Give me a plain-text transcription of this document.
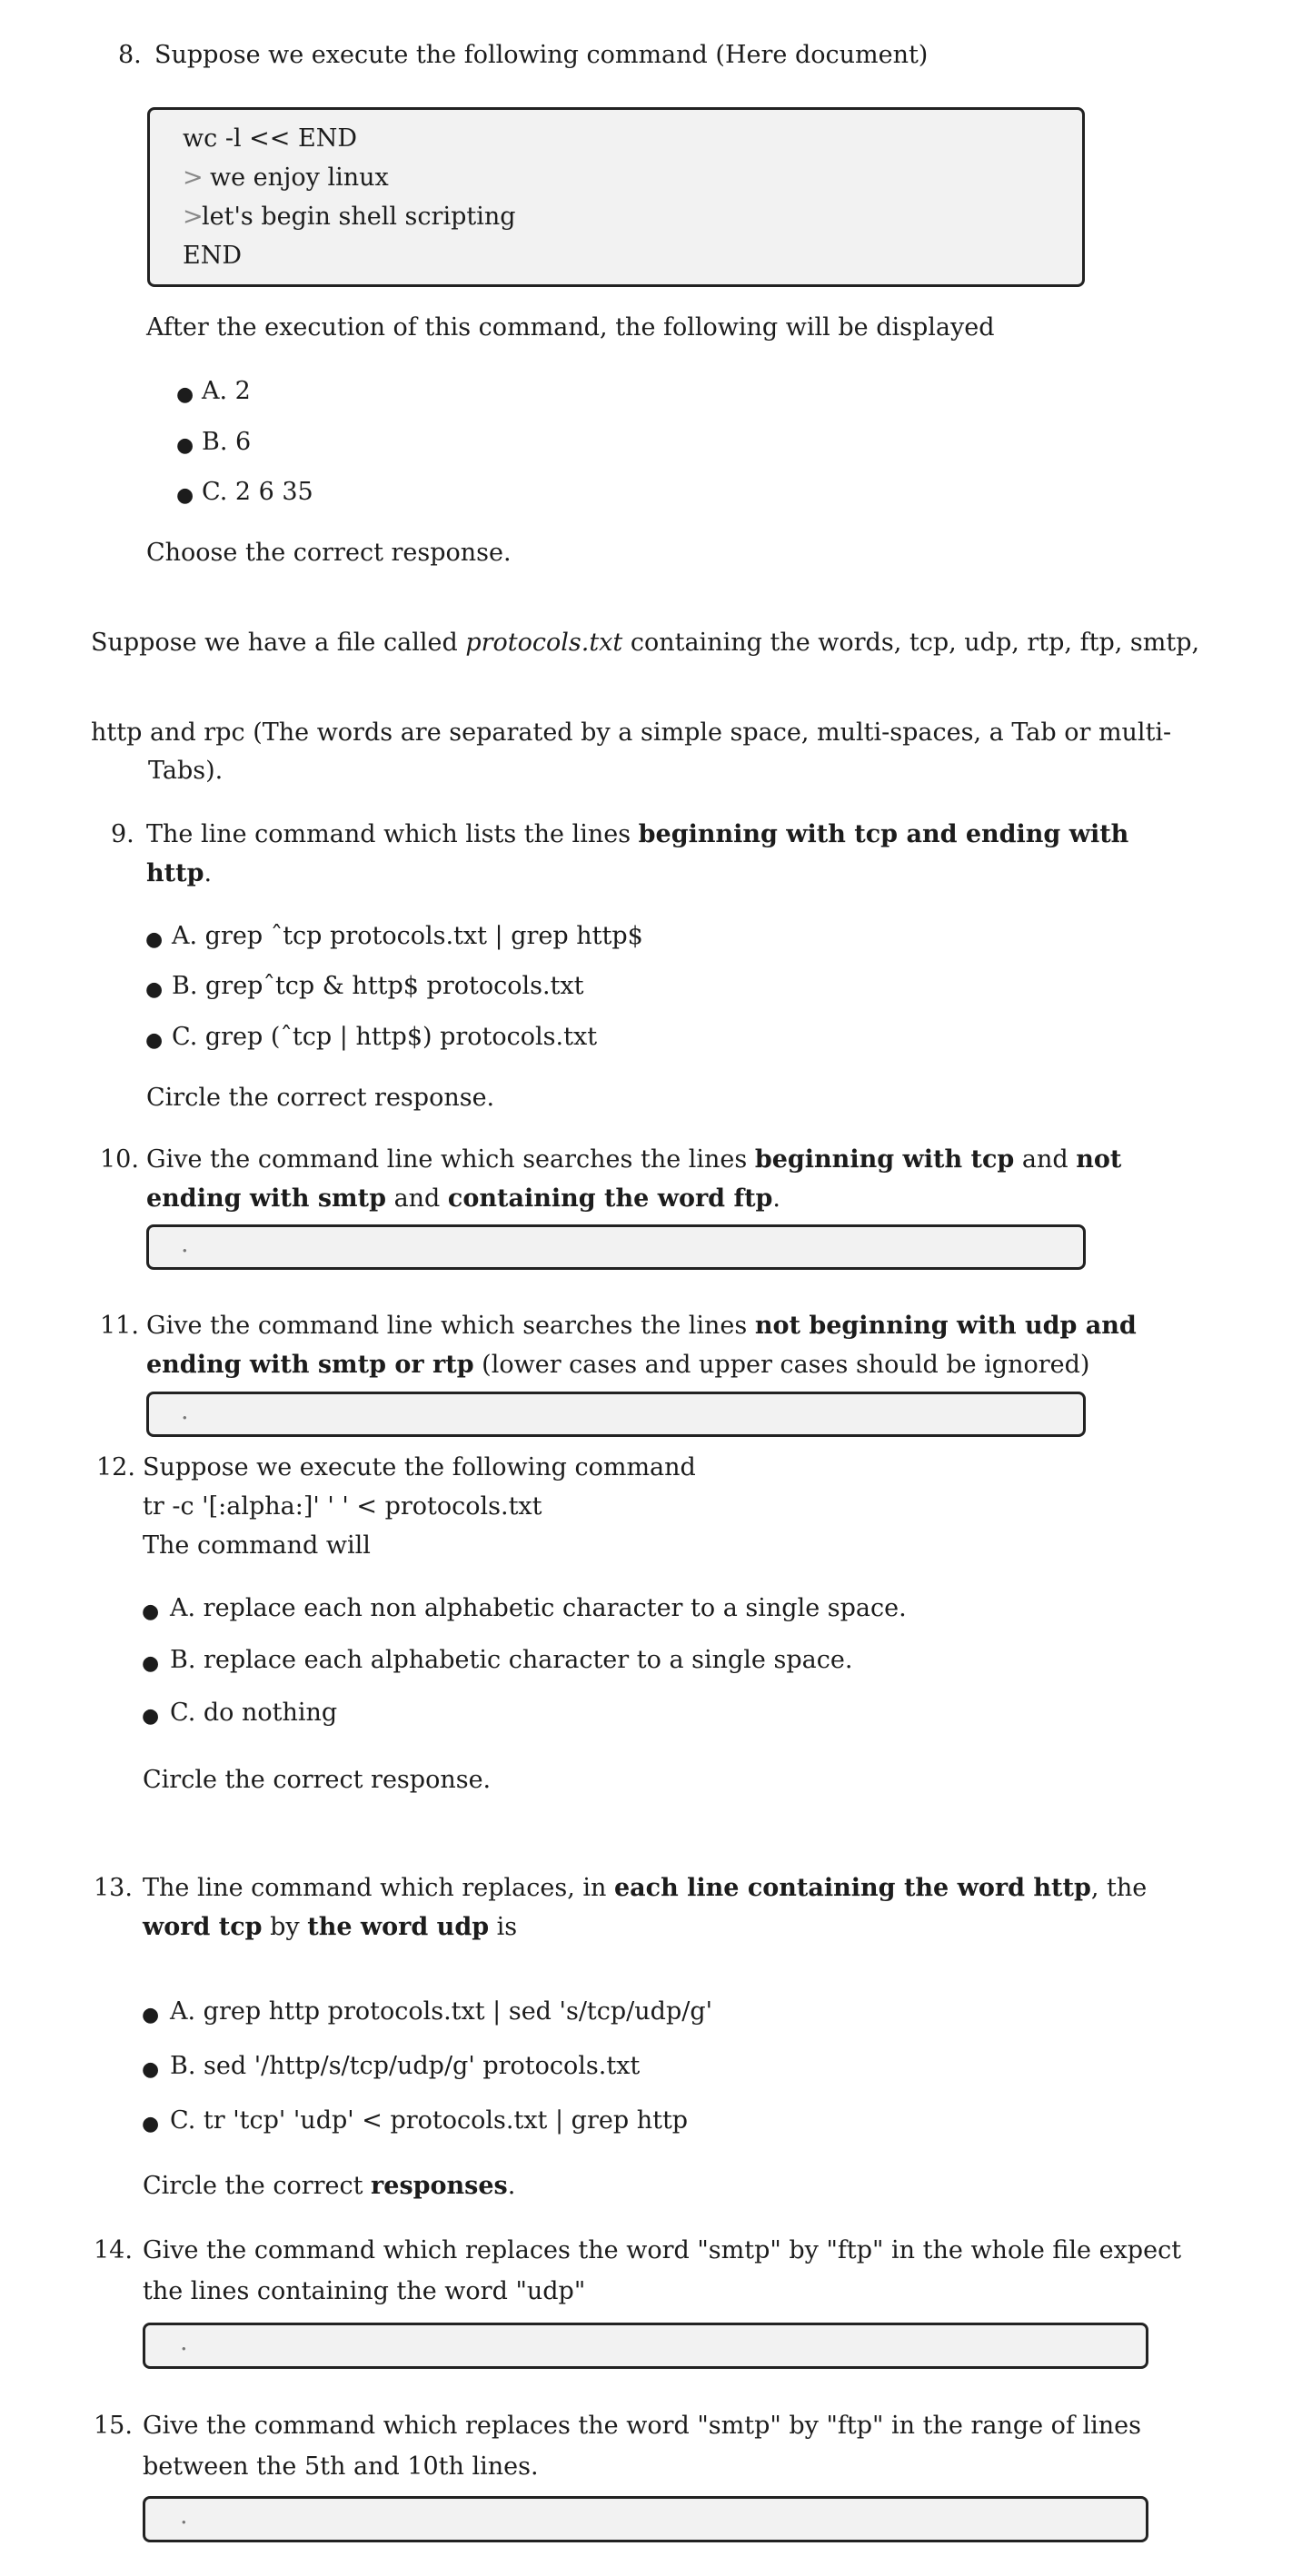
8. Suppose we execute the following command (Here document)
wc -l << END
> we enjoy linux
>
let's begin shell scripting
END
After the execution of this command, the following will be displayed
● A. 2
● B. 6
● C. 2 6 35
Choose the correct response.
Suppose we have a file called protocols.txt containing the words, tcp, udp, rtp, ftp, smtp,
http and rpc (The words are separated by a simple space, multi-spaces, a Tab or multi-
Tabs).
9. The line command which lists the lines beginning with tcp and ending with
http.
● A. grep ˆtcp protocols.txt | grep http$
● B. grepˆtcp & http$ protocols.txt
● C. grep (ˆtcp | http$) protocols.txt
Circle the correct response.
10. Give the command line which searches the lines beginning with tcp and not
ending with smtp and containing the word ftp.
.
11. Give the command line which searches the lines not beginning with udp and
ending with smtp or rtp (lower cases and upper cases should be ignored)
.
12. Suppose we execute the following command
tr -c '[:alpha:]' ' ' < protocols.txt
The command will
● A. replace each non alphabetic character to a single space.
● B. replace each alphabetic character to a single space.
● C. do nothing
Circle the correct response.
13. The line command which replaces, in each line containing the word http, the
word tcp by the word udp is
● A. grep http protocols.txt | sed 's/tcp/udp/g'
● B. sed '/http/s/tcp/udp/g' protocols.txt
● C. tr 'tcp' 'udp' < protocols.txt | grep http
Circle the correct responses.
14. Give the command which replaces the word "smtp" by "ftp" in the whole file expect
the lines containing the word "udp"
.
15. Give the command which replaces the word "smtp" by "ftp" in the range of lines
between the 5th and 10th lines.
.
